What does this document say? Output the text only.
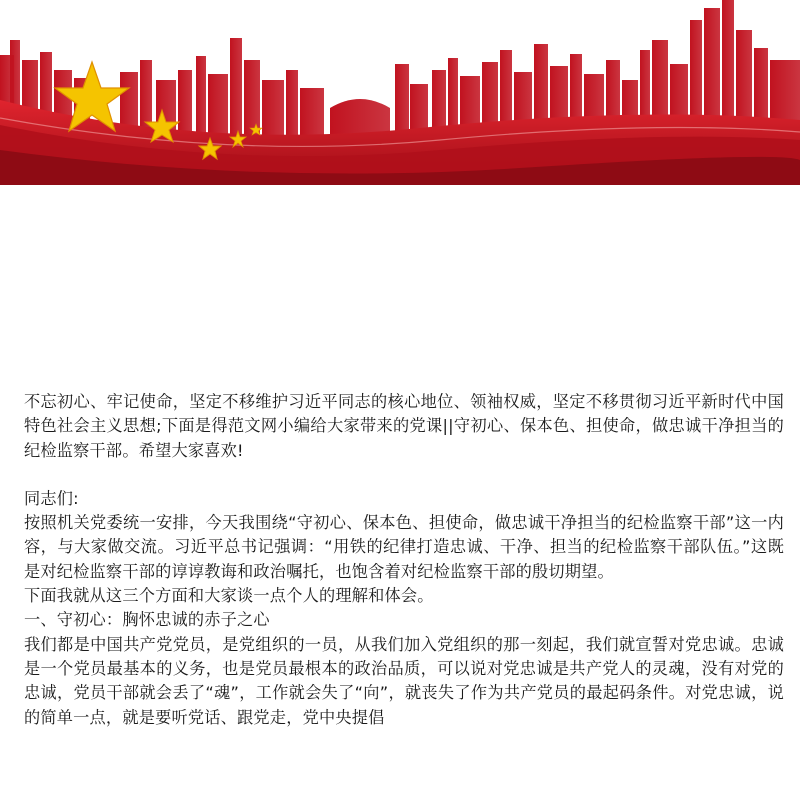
不忘初心、牢记使命，坚定不移维护习近平同志的核心地位、领袖权威，坚定不移贯彻习近平新时代中国特色社会主义思想;下面是得范文网小编给大家带来的党课||守初心、保本色、担使命，做忠诚干净担当的纪检监察干部。希望大家喜欢!

同志们:

按照机关党委统一安排，今天我围绕“守初心、保本色、担使命，做忠诚干净担当的纪检监察干部”这一内容，与大家做交流。习近平总书记强调：“用铁的纪律打造忠诚、干净、担当的纪检监察干部队伍。”这既是对纪检监察干部的谆谆教诲和政治嘱托，也饱含着对纪检监察干部的殷切期望。

下面我就从这三个方面和大家谈一点个人的理解和体会。

一、守初心：胸怀忠诚的赤子之心

我们都是中国共产党党员，是党组织的一员，从我们加入党组织的那一刻起，我们就宣誓对党忠诚。忠诚是一个党员最基本的义务，也是党员最根本的政治品质，可以说对党忠诚是共产党人的灵魂，没有对党的忠诚，党员干部就会丢了“魂”，工作就会失了“向”，就丧失了作为共产党员的最起码条件。对党忠诚，说的简单一点，就是要听党话、跟党走，党中央提倡
